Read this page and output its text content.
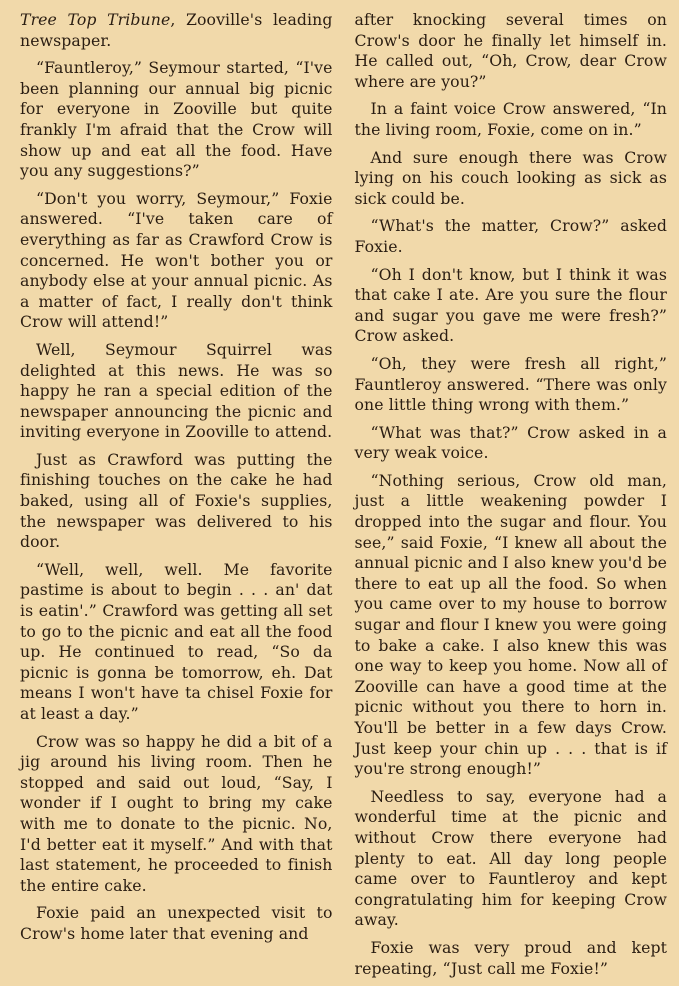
Tree Top Tribune, Zooville's leading newspaper.

“Fauntleroy,” Seymour started, “I've been planning our annual big picnic for everyone in Zooville but quite frankly I'm afraid that the Crow will show up and eat all the food. Have you any suggestions?”

“Don't you worry, Seymour,” Foxie answered. “I've taken care of everything as far as Crawford Crow is concerned. He won't bother you or anybody else at your annual picnic. As a matter of fact, I really don't think Crow will attend!”

Well, Seymour Squirrel was delighted at this news. He was so happy he ran a special edition of the newspaper announcing the picnic and inviting everyone in Zooville to attend.

Just as Crawford was putting the finishing touches on the cake he had baked, using all of Foxie's supplies, the newspaper was delivered to his door.

“Well, well, well. Me favorite pastime is about to begin . . . an' dat is eatin'.” Crawford was getting all set to go to the picnic and eat all the food up. He continued to read, “So da picnic is gonna be tomorrow, eh. Dat means I won't have ta chisel Foxie for at least a day.”

Crow was so happy he did a bit of a jig around his living room. Then he stopped and said out loud, “Say, I wonder if I ought to bring my cake with me to donate to the picnic. No, I'd better eat it myself.” And with that last statement, he proceeded to finish the entire cake.

Foxie paid an unexpected visit to Crow's home later that evening and

after knocking several times on Crow's door he finally let himself in. He called out, “Oh, Crow, dear Crow where are you?”

In a faint voice Crow answered, “In the living room, Foxie, come on in.”

And sure enough there was Crow lying on his couch looking as sick as sick could be.

“What's the matter, Crow?” asked Foxie.

“Oh I don't know, but I think it was that cake I ate. Are you sure the flour and sugar you gave me were fresh?” Crow asked.

“Oh, they were fresh all right,” Fauntleroy answered. “There was only one little thing wrong with them.”

“What was that?” Crow asked in a very weak voice.

“Nothing serious, Crow old man, just a little weakening powder I dropped into the sugar and flour. You see,” said Foxie, “I knew all about the annual picnic and I also knew you'd be there to eat up all the food. So when you came over to my house to borrow sugar and flour I knew you were going to bake a cake. I also knew this was one way to keep you home. Now all of Zooville can have a good time at the picnic without you there to horn in. You'll be better in a few days Crow. Just keep your chin up . . . that is if you're strong enough!”

Needless to say, everyone had a wonderful time at the picnic and without Crow there everyone had plenty to eat. All day long people came over to Fauntleroy and kept congratulating him for keeping Crow away.

Foxie was very proud and kept repeating, “Just call me Foxie!”
